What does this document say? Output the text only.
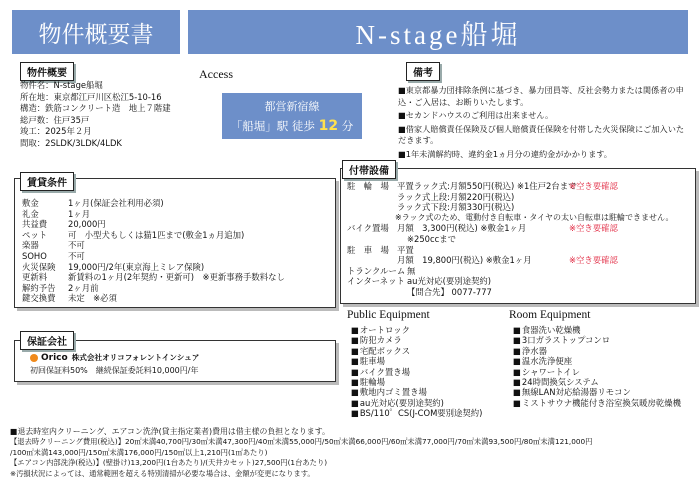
物件概要書	N-stage船堀
物件概要
物件名：N-stage船堀
所在地：東京都江戸川区松江5-10-16
構造：鉄筋コンクリート造　地上７階建
総戸数：住戸35戸
竣工：2025年２月
間取：2SLDK/3LDK/4LDK
Access
都営新宿線
「船堀」駅 徒歩 12 分
備考
■東京都暴力団排除条例に基づき、暴力団員等、反社会勢力または関係者の申込・ご入居は、お断りいたします。
■セカンドハウスのご利用は出来ません。
■借家人賠償責任保険及び個人賠償責任保険を付帯した火災保険にご加入いただきます。
■1年未満解約時、違約金1ヵ月分の違約金がかかります。
賃貸条件
敷金	1ヶ月(保証会社利用必須)
礼金	1ヶ月
共益費	20,000円
ペット	可　小型犬もしくは猫1匹まで(敷金1ヵ月追加)
楽器	不可
SOHO	不可
火災保険	19,000円/2年(東京海上ミレア保険)
更新料	新賃料の1ヶ月(2年契約・更新可)　※更新事務手数料なし
解約予告	2ヶ月前
鍵交換費	未定　※必須
保証会社
Orico 株式会社オリコフォレントインシュア
初回保証料50%　継続保証委託料10,000円/年
付帯設備
駐　輪　場 平置ラック式:月額550円(税込) ※1住戸2台まで
※空き要確認
ラック式上段:月額220円(税込)
ラック式下段:月額330円(税込)
※ラック式のため、電動付き自転車・タイヤの太い自転車は駐輪できません。
バイク置場 月額　3,300円(税込) ※敷金1ヶ月	※空き要確認
※250ccまで
駐　車　場 平置
月額　19,800円(税込) ※敷金1ヶ月	※空き要確認
トランクルーム 無
インターネット au光対応(要別途契約)
【問合先】 0077-777
Public Equipment
■ オートロック
■ 防犯カメラ
■ 宅配ボックス
■ 駐車場
■ バイク置き場
■ 駐輪場
■ 敷地内ゴミ置き場
■ au光対応(要別途契約)
■ BS/110゜CS(J-COM要別途契約)
Room Equipment
■ 食器洗い乾燥機
■ 3口ガラストップコンロ
■ 浄水器
■ 温水洗浄便座
■ シャワートイレ
■ 24時間換気システム
■ 無線LAN対応給湯器リモコン
■ ミストサウナ機能付き浴室換気暖房乾燥機
■退去時室内クリーニング、エアコン洗浄(貸主指定業者)費用は借主様の負担となります。
【退去時クリーニング費用(税込)】20㎡未満40,700円/30㎡未満47,300円/40㎡未満55,000円/50㎡未満66,000円/60㎡未満77,000円/70㎡未満93,500円/80㎡未満121,000円
/100㎡未満143,000円/150㎡未満176,000円/150㎡以上1,210円(1㎡あたり)
【エアコン内部洗浄(税込)】(壁掛け)13,200円(1台あたり)/(天井カセット)27,500円(1台あたり)
※汚損状況によっては、通常範囲を超える特別清掃が必要な場合は、金額が変更になります。
